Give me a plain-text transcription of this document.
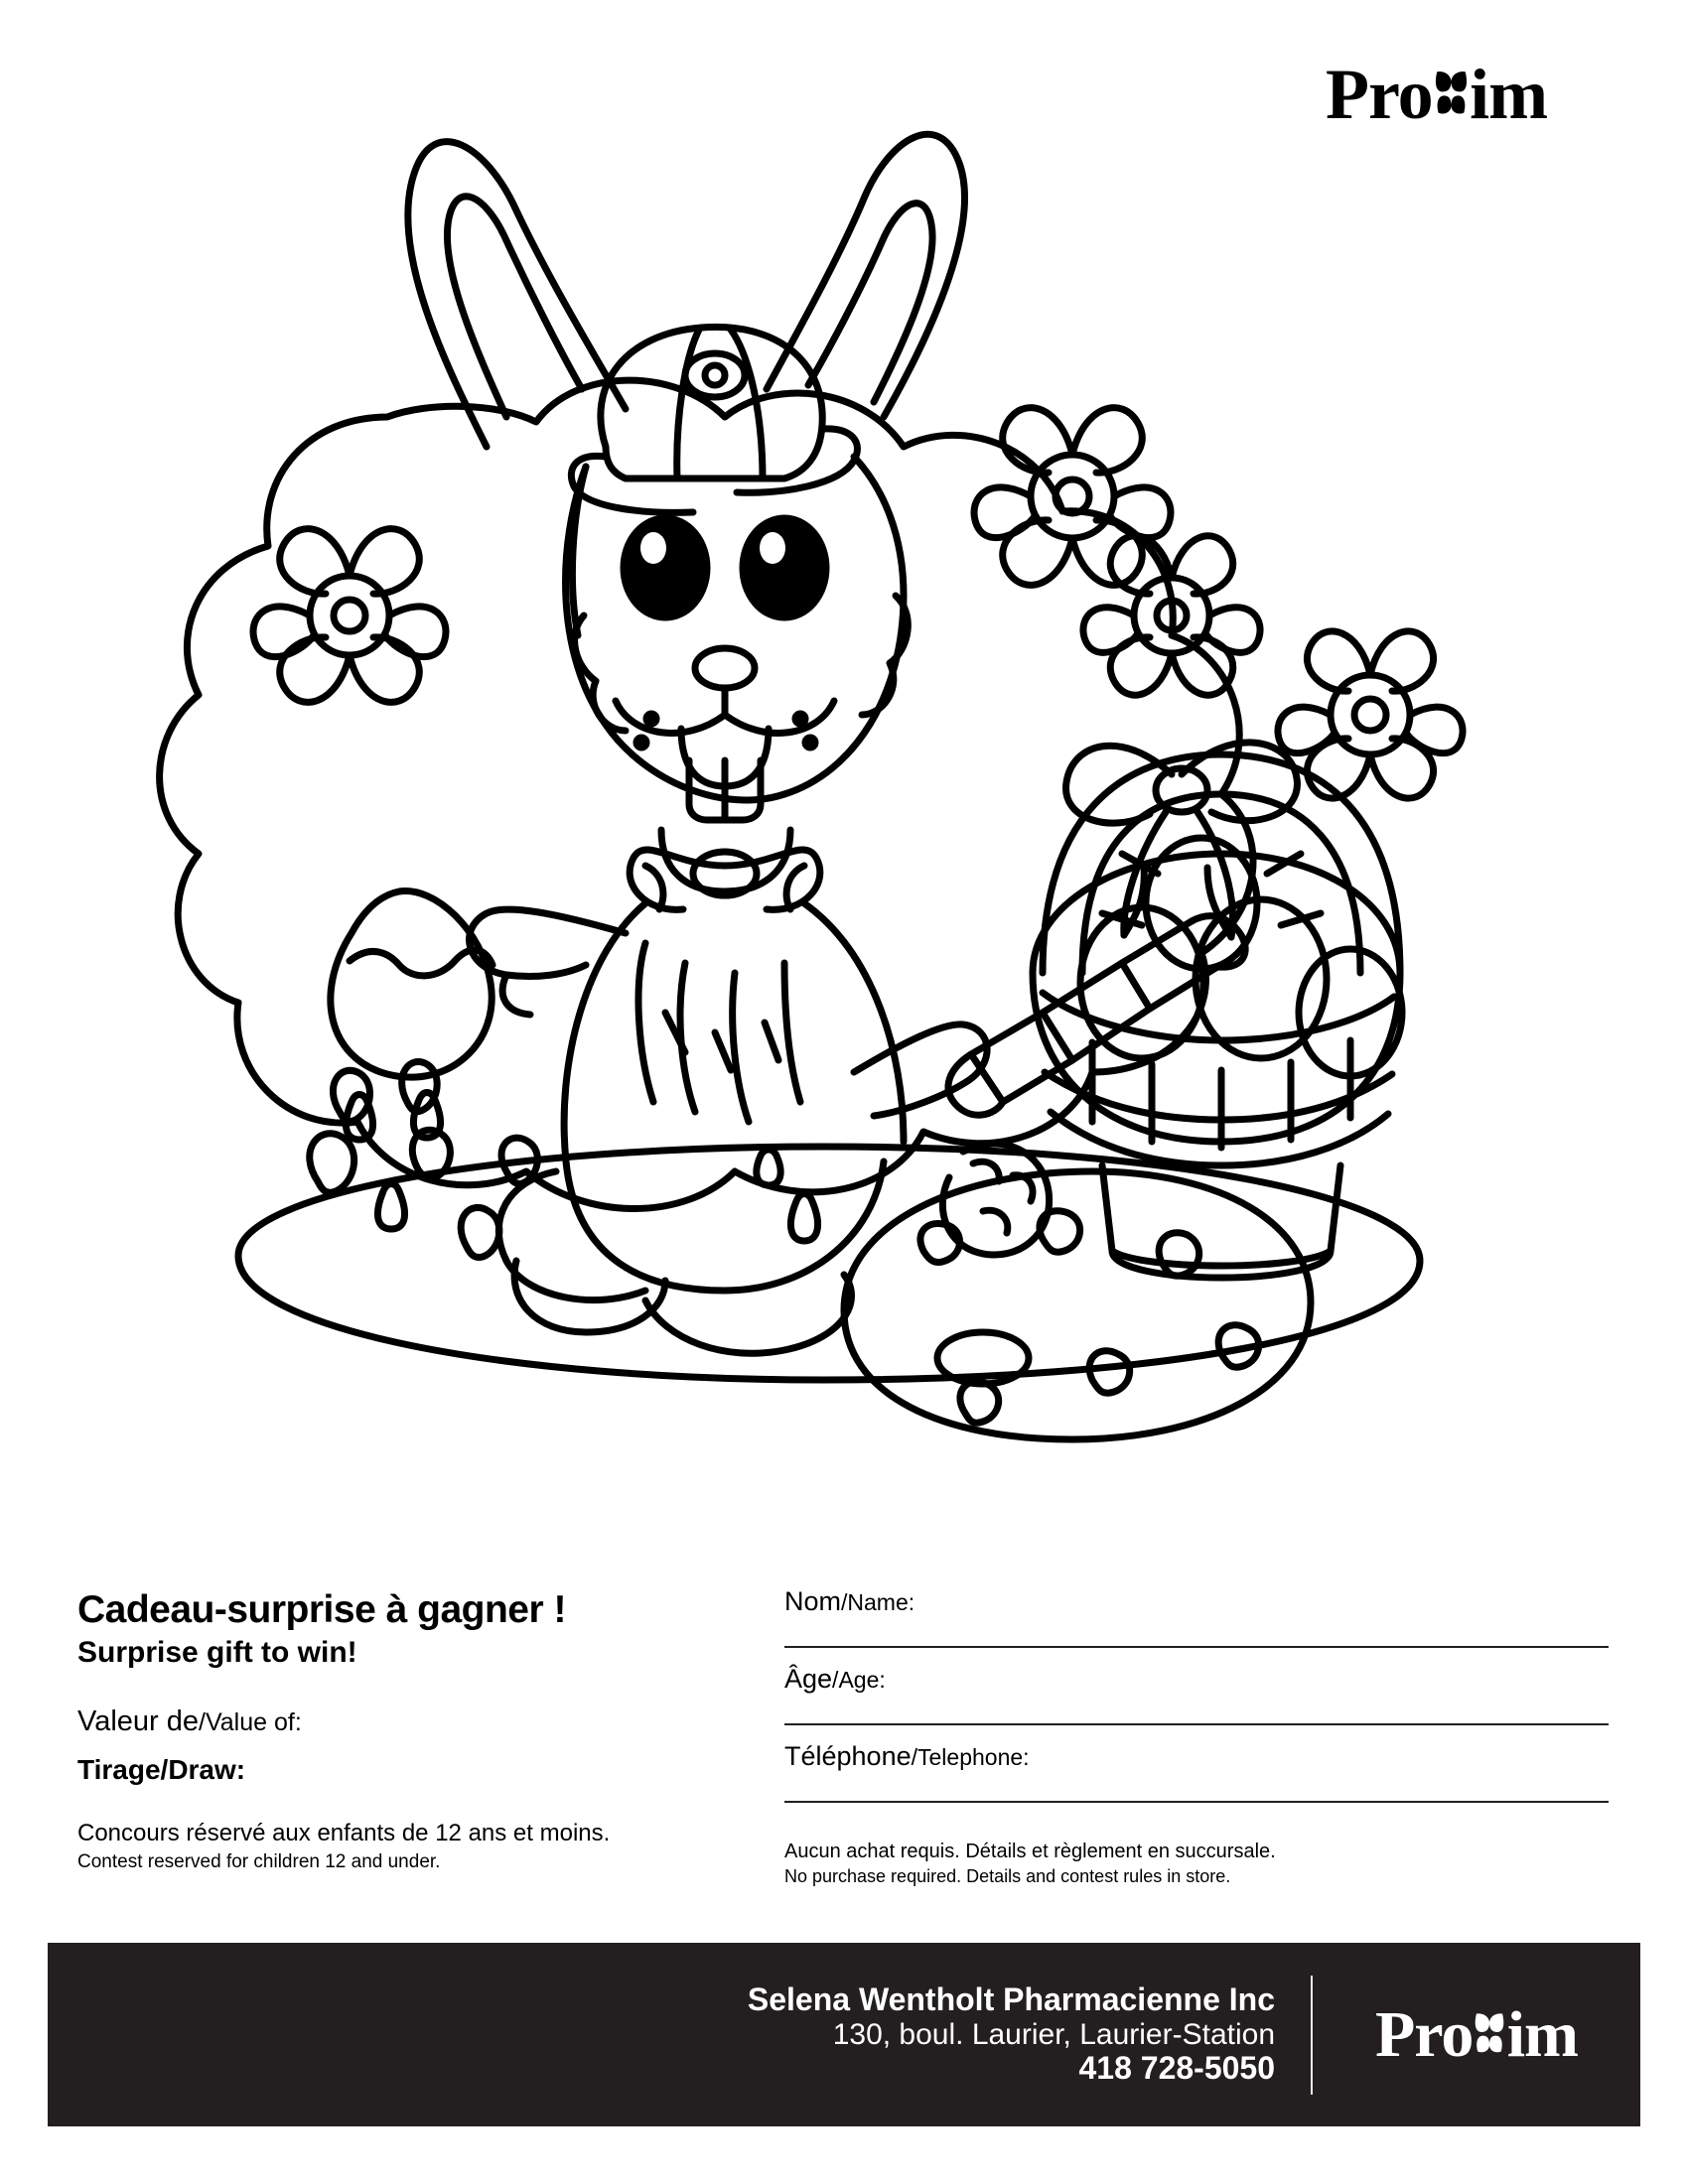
Pro im

Cadeau-surprise à gagner !

Surprise gift to win!

Valeur de/Value of:

Tirage/Draw:

Concours réservé aux enfants de 12 ans et moins.

Contest reserved for children 12 and under.

Nom/Name:
Âge/Age:
Téléphone/Telephone:

Aucun achat requis. Détails et règlement en succursale.

No purchase required. Details and contest rules in store.

Selena Wentholt Pharmacienne Inc
130, boul. Laurier, Laurier-Station
418 728-5050 Pro im
